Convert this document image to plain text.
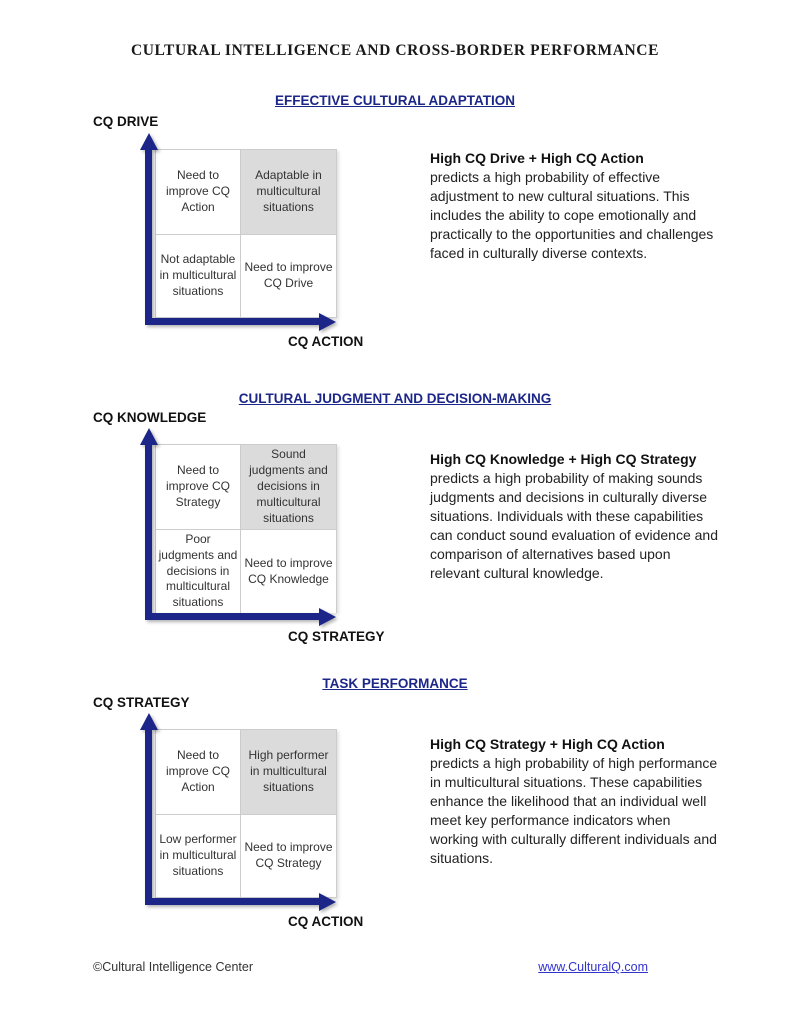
CULTURAL INTELLIGENCE AND CROSS-BORDER PERFORMANCE
EFFECTIVE CULTURAL ADAPTATION
CQ DRIVE
Need to improve CQ Action
Adaptable in multicultural situations
Not adaptable in multicultural situations
Need to improve CQ Drive
CQ ACTION
High CQ Drive + High CQ Action
predicts a high probability of effective adjustment to new cultural situations. This includes the ability to cope emotionally and practically to the opportunities and challenges faced in culturally diverse contexts.
CULTURAL JUDGMENT AND DECISION-MAKING
CQ KNOWLEDGE
Need to improve CQ Strategy
Sound judgments and decisions in multicultural situations
Poor judgments and decisions in multicultural situations
Need to improve CQ Knowledge
CQ STRATEGY
High CQ Knowledge + High CQ Strategy
predicts a high probability of making sounds judgments and decisions in culturally diverse situations. Individuals with these capabilities can conduct sound evaluation of evidence and comparison of alternatives based upon relevant cultural knowledge.
TASK PERFORMANCE
CQ STRATEGY
Need to improve CQ Action
High performer in multicultural situations
Low performer in multicultural situations
Need to improve CQ Strategy
CQ ACTION
High CQ Strategy + High CQ Action
predicts a high probability of high performance in multicultural situations. These capabilities enhance the likelihood that an individual well meet key performance indicators when working with culturally different individuals and situations.
©Cultural Intelligence Center	www.CulturalQ.com
